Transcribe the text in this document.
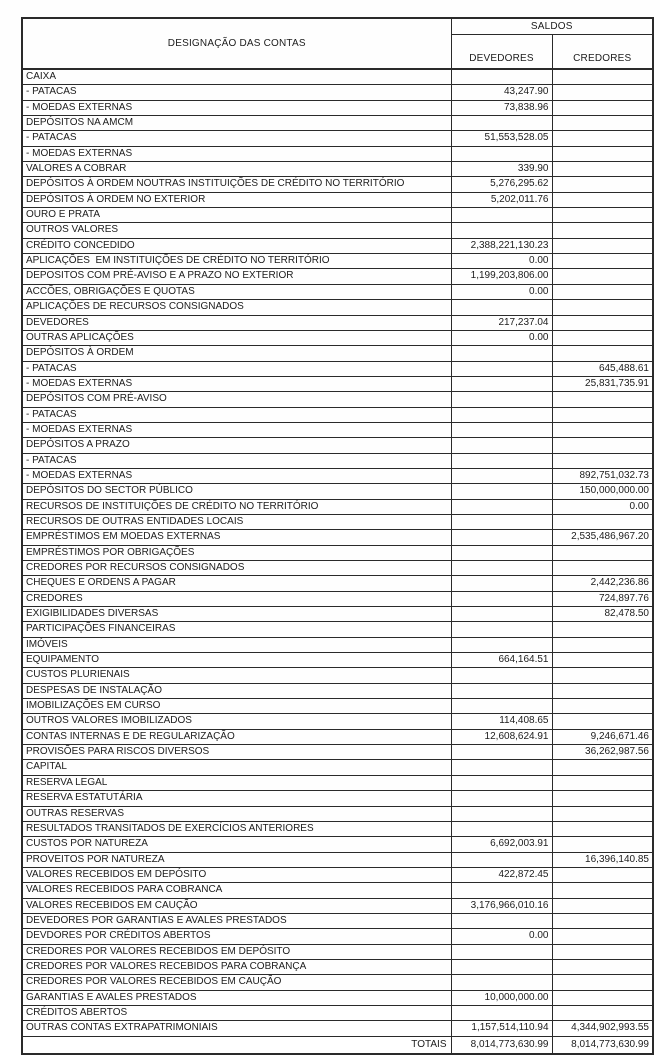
DESIGNAÇÃO DAS CONTAS	SALDOS	
	DEVEDORES	CREDORES
CAIXA		
- PATACAS	43,247.90	
- MOEDAS EXTERNAS	73,838.96	
DEPÓSITOS NA AMCM		
- PATACAS	51,553,528.05	
- MOEDAS EXTERNAS		
VALORES A COBRAR	339.90	
DEPÓSITOS À ORDEM NOUTRAS INSTITUIÇÕES DE CRÉDITO NO TERRITÓRIO	5,276,295.62	
DEPÓSITOS À ORDEM NO EXTERIOR	5,202,011.76	
OURO E PRATA		
OUTROS VALORES		
CRÉDITO CONCEDIDO	2,388,221,130.23	
APLICAÇÕES  EM INSTITUIÇÕES DE CRÉDITO NO TERRITÓRIO	0.00	
DEPOSITOS COM PRÉ-AVISO E A PRAZO NO EXTERIOR	1,199,203,806.00	
ACCÕES, OBRIGAÇÕES E QUOTAS	0.00	
APLICAÇÕES DE RECURSOS CONSIGNADOS		
DEVEDORES	217,237.04	
OUTRAS APLICAÇÕES	0.00	
DEPÓSITOS À ORDEM		
- PATACAS		645,488.61
- MOEDAS EXTERNAS		25,831,735.91
DEPÓSITOS COM PRÉ-AVISO		
- PATACAS		
- MOEDAS EXTERNAS		
DEPÓSITOS A PRAZO		
- PATACAS		
- MOEDAS EXTERNAS		892,751,032.73
DEPÓSITOS DO SECTOR PÚBLICO		150,000,000.00
RECURSOS DE INSTITUIÇÕES DE CRÉDITO NO TERRITÓRIO		0.00
RECURSOS DE OUTRAS ENTIDADES LOCAIS		
EMPRÉSTIMOS EM MOEDAS EXTERNAS		2,535,486,967.20
EMPRÉSTIMOS POR OBRIGAÇÕES		
CREDORES POR RECURSOS CONSIGNADOS		
CHEQUES E ORDENS A PAGAR		2,442,236.86
CREDORES		724,897.76
EXIGIBILIDADES DIVERSAS		82,478.50
PARTICIPAÇÕES FINANCEIRAS		
IMÓVEIS		
EQUIPAMENTO	664,164.51	
CUSTOS PLURIENAIS		
DESPESAS DE INSTALAÇÃO		
IMOBILIZAÇÕES EM CURSO		
OUTROS VALORES IMOBILIZADOS	114,408.65	
CONTAS INTERNAS E DE REGULARIZAÇÃO	12,608,624.91	9,246,671.46
PROVISÕES PARA RISCOS DIVERSOS		36,262,987.56
CAPITAL		
RESERVA LEGAL		
RESERVA ESTATUTÁRIA		
OUTRAS RESERVAS		
RESULTADOS TRANSITADOS DE EXERCÍCIOS ANTERIORES		
CUSTOS POR NATUREZA	6,692,003.91	
PROVEITOS POR NATUREZA		16,396,140.85
VALORES RECEBIDOS EM DEPÓSITO	422,872.45	
VALORES RECEBIDOS PARA COBRANCA		
VALORES RECEBIDOS EM CAUÇÃO	3,176,966,010.16	
DEVEDORES POR GARANTIAS E AVALES PRESTADOS		
DEVDORES POR CRÉDITOS ABERTOS	0.00	
CREDORES POR VALORES RECEBIDOS EM DEPÓSITO		
CREDORES POR VALORES RECEBIDOS PARA COBRANÇA		
CREDORES POR VALORES RECEBIDOS EM CAUÇÃO		
GARANTIAS E AVALES PRESTADOS	10,000,000.00	
CRÉDITOS ABERTOS		
OUTRAS CONTAS EXTRAPATRIMONIAIS	1,157,514,110.94	4,344,902,993.55
TOTAIS	8,014,773,630.99	8,014,773,630.99
